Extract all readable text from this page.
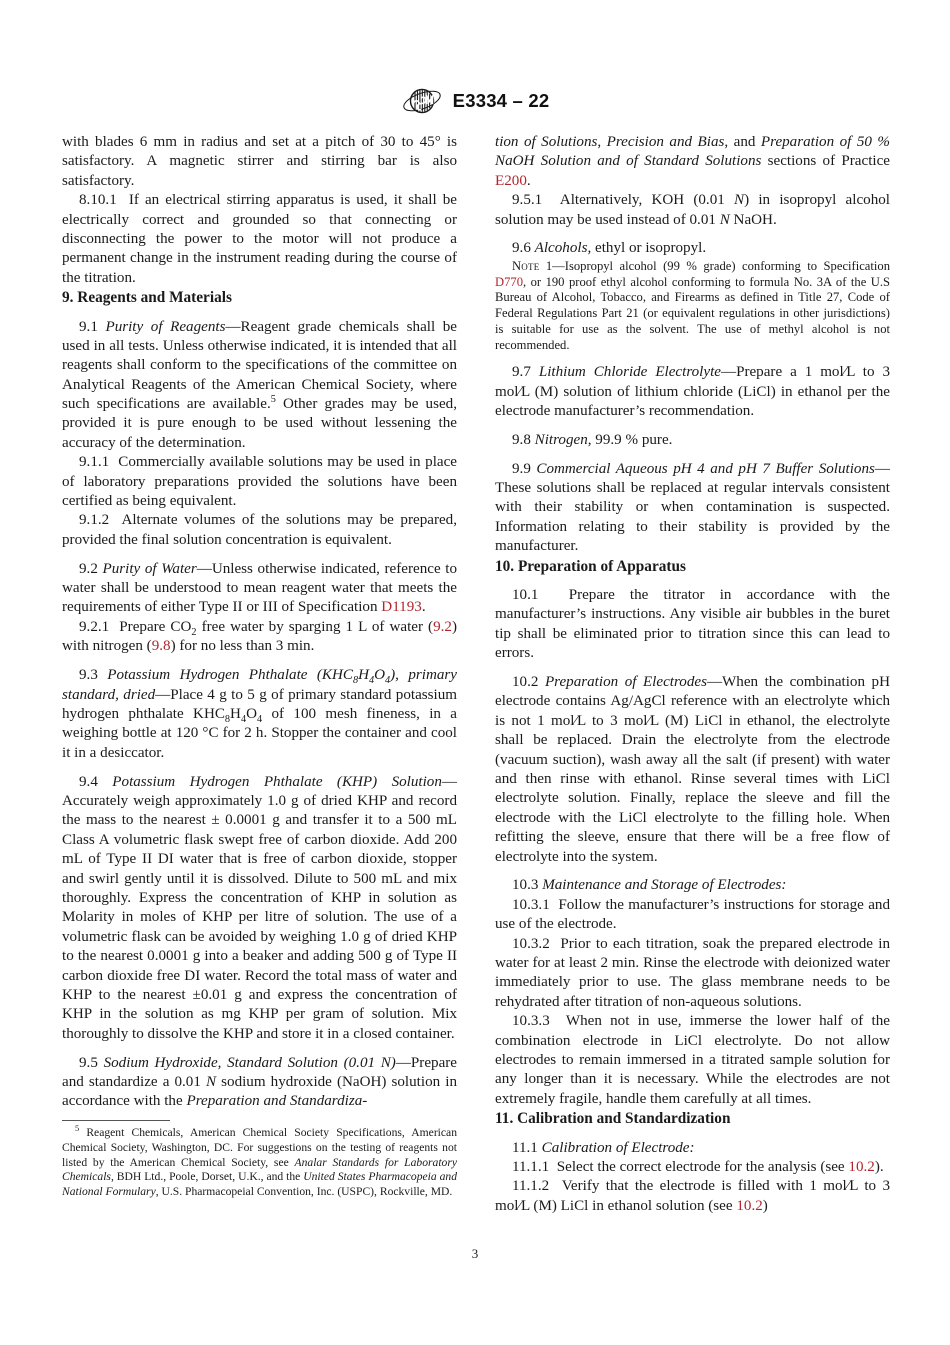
E3334 – 22

with blades 6 mm in radius and set at a pitch of 30 to 45° is satisfactory. A magnetic stirrer and stirring bar is also satisfactory.

8.10.1  If an electrical stirring apparatus is used, it shall be electrically correct and grounded so that connecting or disconnecting the power to the motor will not produce a permanent change in the instrument reading during the course of the titration.

9. Reagents and Materials

9.1 Purity of Reagents—Reagent grade chemicals shall be used in all tests. Unless otherwise indicated, it is intended that all reagents shall conform to the specifications of the committee on Analytical Reagents of the American Chemical Society, where such specifications are available.$^5$ Other grades may be used, provided it is pure enough to be used without lessening the accuracy of the determination.

9.1.1  Commercially available solutions may be used in place of laboratory preparations provided the solutions have been certified as being equivalent.

9.1.2  Alternate volumes of the solutions may be prepared, provided the final solution concentration is equivalent.

9.2 Purity of Water—Unless otherwise indicated, reference to water shall be understood to mean reagent water that meets the requirements of either Type II or III of Specification D1193.

9.2.1  Prepare $CO_2$ free water by sparging 1 L of water (9.2) with nitrogen (9.8) for no less than 3 min.

9.3 Potassium Hydrogen Phthalate $(KHC_8H_4O_4)$, primary standard, dried—Place 4 g to 5 g of primary standard potassium hydrogen phthalate $KHC_8H_4O_4$ of 100 mesh fineness, in a weighing bottle at 120 °C for 2 h. Stopper the container and cool it in a desiccator.

9.4 Potassium Hydrogen Phthalate (KHP) Solution—Accurately weigh approximately 1.0 g of dried KHP and record the mass to the nearest ± 0.0001 g and transfer it to a 500 mL Class A volumetric flask swept free of carbon dioxide. Add 200 mL of Type II DI water that is free of carbon dioxide, stopper and swirl gently until it is dissolved. Dilute to 500 mL and mix thoroughly. Express the concentration of KHP in solution as Molarity in moles of KHP per litre of solution. The use of a volumetric flask can be avoided by weighing 1.0 g of dried KHP to the nearest 0.0001 g into a beaker and adding 500 g of Type II carbon dioxide free DI water. Record the total mass of water and KHP to the nearest ±0.01 g and express the concentration of KHP in the solution as mg KHP per gram of solution. Mix thoroughly to dissolve the KHP and store it in a closed container.

9.5 Sodium Hydroxide, Standard Solution (0.01 N)—Prepare and standardize a 0.01 N sodium hydroxide (NaOH) solution in accordance with the Preparation and Standardiza-

tion of Solutions, Precision and Bias, and Preparation of 50 % NaOH Solution and of Standard Solutions sections of Practice E200.

9.5.1  Alternatively, KOH (0.01 N) in isopropyl alcohol solution may be used instead of 0.01 N NaOH.

9.6 Alcohols, ethyl or isopropyl.

Note 1—Isopropyl alcohol (99 % grade) conforming to Specification D770, or 190 proof ethyl alcohol conforming to formula No. 3A of the U.S Bureau of Alcohol, Tobacco, and Firearms as defined in Title 27, Code of Federal Regulations Part 21 (or equivalent regulations in other jurisdictions) is suitable for use as the solvent. The use of methyl alcohol is not recommended.

9.7 Lithium Chloride Electrolyte—Prepare a 1 mol∕L to 3 mol∕L (M) solution of lithium chloride (LiCl) in ethanol per the electrode manufacturer’s recommendation.

9.8 Nitrogen, 99.9 % pure.

9.9 Commercial Aqueous pH 4 and pH 7 Buffer Solutions—These solutions shall be replaced at regular intervals consistent with their stability or when contamination is suspected. Information relating to their stability is provided by the manufacturer.

10. Preparation of Apparatus

10.1  Prepare the titrator in accordance with the manufacturer’s instructions. Any visible air bubbles in the buret tip shall be eliminated prior to titration since this can lead to errors.

10.2 Preparation of Electrodes—When the combination pH electrode contains Ag/AgCl reference with an electrolyte which is not 1 mol∕L to 3 mol∕L (M) LiCl in ethanol, the electrolyte shall be replaced. Drain the electrolyte from the electrode (vacuum suction), wash away all the salt (if present) with water and then rinse with ethanol. Rinse several times with LiCl electrolyte solution. Finally, replace the sleeve and fill the electrode with the LiCl electrolyte to the filling hole. When refitting the sleeve, ensure that there will be a free flow of electrolyte into the system.

10.3 Maintenance and Storage of Electrodes:

10.3.1  Follow the manufacturer’s instructions for storage and use of the electrode.

10.3.2  Prior to each titration, soak the prepared electrode in water for at least 2 min. Rinse the electrode with deionized water immediately prior to use. The glass membrane needs to be rehydrated after titration of non-aqueous solutions.

10.3.3  When not in use, immerse the lower half of the combination electrode in LiCl electrolyte. Do not allow electrodes to remain immersed in a titrated sample solution for any longer than it is necessary. While the electrodes are not extremely fragile, handle them carefully at all times.

11. Calibration and Standardization

11.1 Calibration of Electrode:

11.1.1  Select the correct electrode for the analysis (see 10.2).

11.1.2  Verify that the electrode is filled with 1 mol∕L to 3 mol∕L (M) LiCl in ethanol solution (see 10.2)

$^5$ Reagent Chemicals, American Chemical Society Specifications, American Chemical Society, Washington, DC. For suggestions on the testing of reagents not listed by the American Chemical Society, see Analar Standards for Laboratory Chemicals, BDH Ltd., Poole, Dorset, U.K., and the United States Pharmacopeia and National Formulary, U.S. Pharmacopeial Convention, Inc. (USPC), Rockville, MD.

3
